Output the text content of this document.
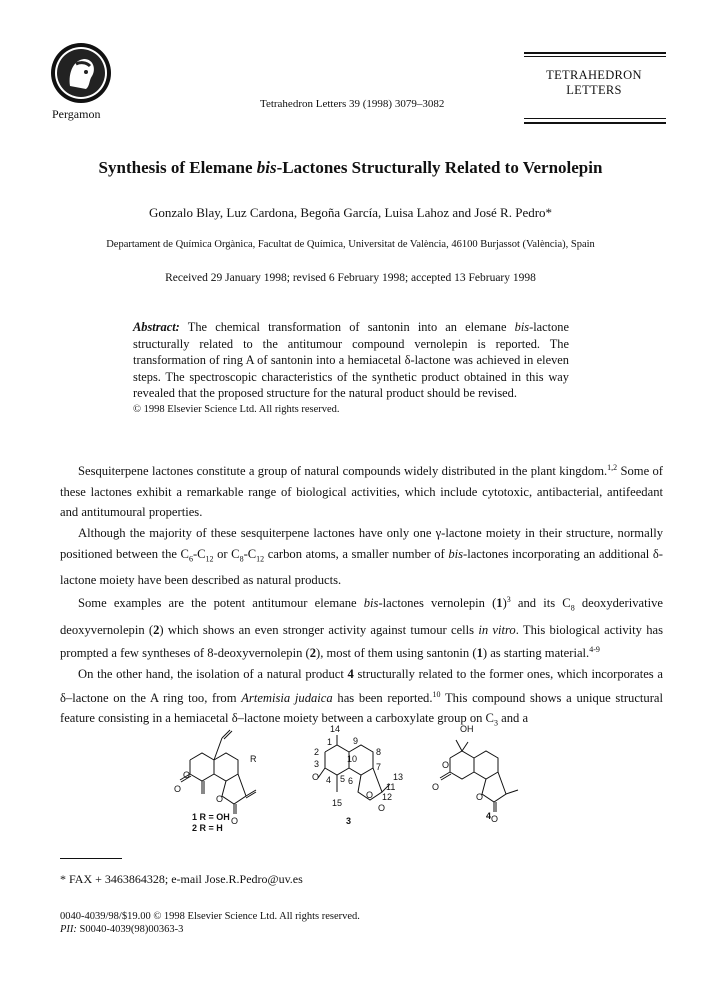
Pergamon
Tetrahedron Letters 39 (1998) 3079–3082
TETRAHEDRON
LETTERS
Synthesis of Elemane bis-Lactones Structurally Related to Vernolepin
Gonzalo Blay, Luz Cardona, Begoña García, Luisa Lahoz and José R. Pedro*
Departament de Química Orgànica, Facultat de Química, Universitat de València, 46100 Burjassot (València), Spain
Received 29 January 1998; revised 6 February 1998; accepted 13 February 1998
Abstract: The chemical transformation of santonin into an elemane bis-lactone structurally related to the antitumour compound vernolepin is reported. The transformation of ring A of santonin into a hemiacetal δ-lactone was achieved in eleven steps. The spectroscopic characteristics of the synthetic product obtained in this way revealed that the proposed structure for the natural product should be revised.
© 1998 Elsevier Science Ltd. All rights reserved.

Sesquiterpene lactones constitute a group of natural compounds widely distributed in the plant kingdom.$^{1,2}$ Some of these lactones exhibit a remarkable range of biological activities, which include cytotoxic, antibacterial, antifeedant and antitumoural properties.

Although the majority of these sesquiterpene lactones have only one γ-lactone moiety in their structure, normally positioned between the $C_6-C_{12}$ or $C_8-C_{12}$ carbon atoms, a smaller number of bis-lactones incorporating an additional δ-lactone moiety have been described as natural products.

Some examples are the potent antitumour elemane bis-lactones vernolepin $(1)^3$ and its $C_8$ deoxyderivative deoxyvernolepin (2) which shows an even stronger activity against tumour cells in vitro. This biological activity has prompted a few syntheses of 8-deoxyvernolepin (2), most of them using santonin (1) as starting material.$^{4-9}$

On the other hand, the isolation of a natural product 4 structurally related to the former ones, which incorporates a δ–lactone on the A ring too, from Artemisia judaica has been reported.$^{10}$ This compound shows a unique structural feature consisting in a hemiacetal δ–lactone moiety between a carboxylate group on $C_3$ and a

O
O
O
O
R
1 R = OH
2 R = H
14
1 9
2
10
8
3	7
O 4 5 6	13
11
O 12
O
15
3
OH
O
O
O
O
4
* FAX + 3463864328; e-mail Jose.R.Pedro@uv.es
0040-4039/98/$19.00 © 1998 Elsevier Science Ltd. All rights reserved.
PII: S0040-4039(98)00363-3
